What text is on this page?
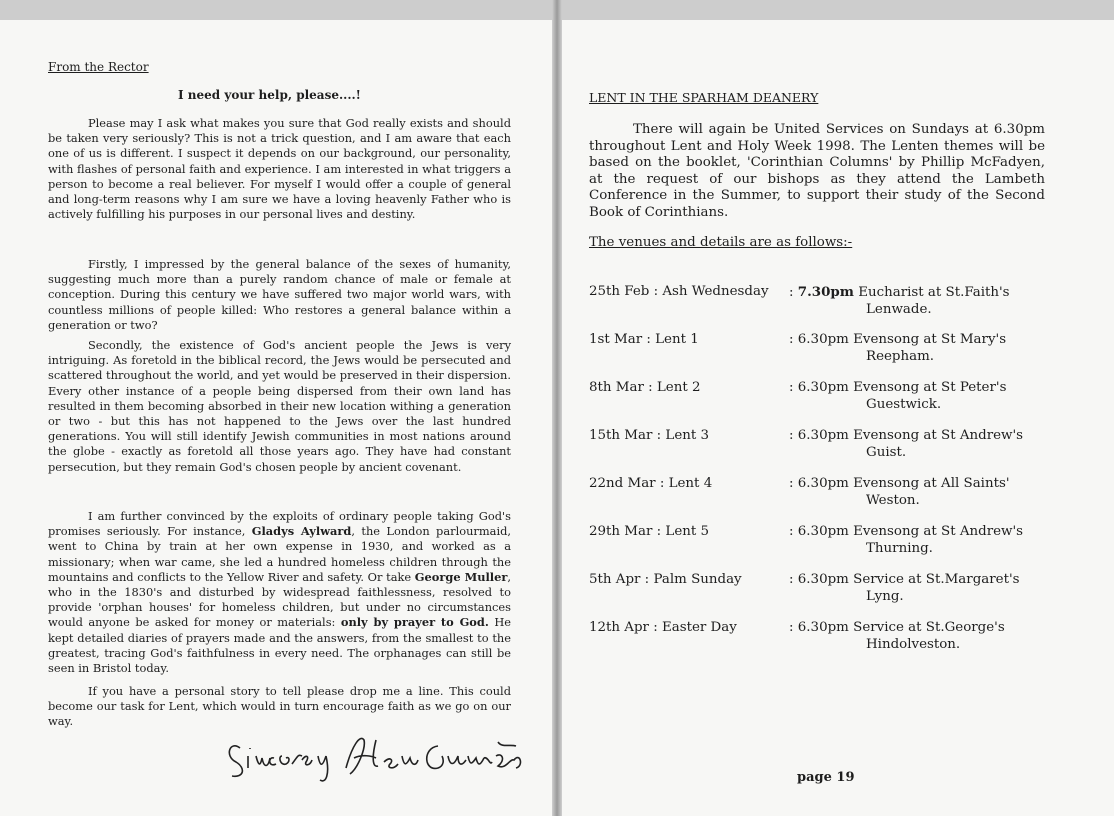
From the Rector
I need your help, please....!

Please may I ask what makes you sure that God really exists and should be taken very seriously? This is not a trick question, and I am aware that each one of us is different. I suspect it depends on our background, our personality, with flashes of personal faith and experience. I am interested in what triggers a person to become a real believer. For myself I would offer a couple of general and long-term reasons why I am sure we have a loving heavenly Father who is actively fulfilling his purposes in our personal lives and destiny.

Firstly, I impressed by the general balance of the sexes of humanity, suggesting much more than a purely random chance of male or female at conception. During this century we have suffered two major world wars, with countless millions of people killed: Who restores a general balance within a generation or two?

Secondly, the existence of God's ancient people the Jews is very intriguing. As foretold in the biblical record, the Jews would be persecuted and scattered throughout the world, and yet would be preserved in their dispersion. Every other instance of a people being dispersed from their own land has resulted in them becoming absorbed in their new location withing a generation or two - but this has not happened to the Jews over the last hundred generations. You will still identify Jewish communities in most nations around the globe - exactly as foretold all those years ago. They have had constant persecution, but they remain God's chosen people by ancient covenant.

I am further convinced by the exploits of ordinary people taking God's promises seriously. For instance, Gladys Aylward, the London parlourmaid, went to China by train at her own expense in 1930, and worked as a missionary; when war came, she led a hundred homeless children through the mountains and conflicts to the Yellow River and safety. Or take George Muller, who in the 1830's and disturbed by widespread faithlessness, resolved to provide 'orphan houses' for homeless children, but under no circumstances would anyone be asked for money or materials: only by prayer to God. He kept detailed diaries of prayers made and the answers, from the smallest to the greatest, tracing God's faithfulness in every need. The orphanages can still be seen in Bristol today.

If you have a personal story to tell please drop me a line. This could become our task for Lent, which would in turn encourage faith as we go on our way.

LENT IN THE SPARHAM DEANERY

There will again be United Services on Sundays at 6.30pm throughout Lent and Holy Week 1998. The Lenten themes will be based on the booklet, 'Corinthian Columns' by Phillip McFadyen, at the request of our bishops as they attend the Lambeth Conference in the Summer, to support their study of the Second Book of Corinthians.

The venues and details are as follows:-
25th Feb : Ash Wednesday : 7.30pm Eucharist at St.Faith's
Lenwade.
1st Mar : Lent 1	: 6.30pm Evensong at St Mary's
Reepham.
8th Mar : Lent 2	: 6.30pm Evensong at St Peter's
Guestwick.
15th Mar : Lent 3	: 6.30pm Evensong at St Andrew's
Guist.
22nd Mar : Lent 4	: 6.30pm Evensong at All Saints'
Weston.
29th Mar : Lent 5	: 6.30pm Evensong at St Andrew's
Thurning.
5th Apr : Palm Sunday	: 6.30pm Service at St.Margaret's
Lyng.
12th Apr : Easter Day	: 6.30pm Service at St.George's
Hindolveston.
page 19
